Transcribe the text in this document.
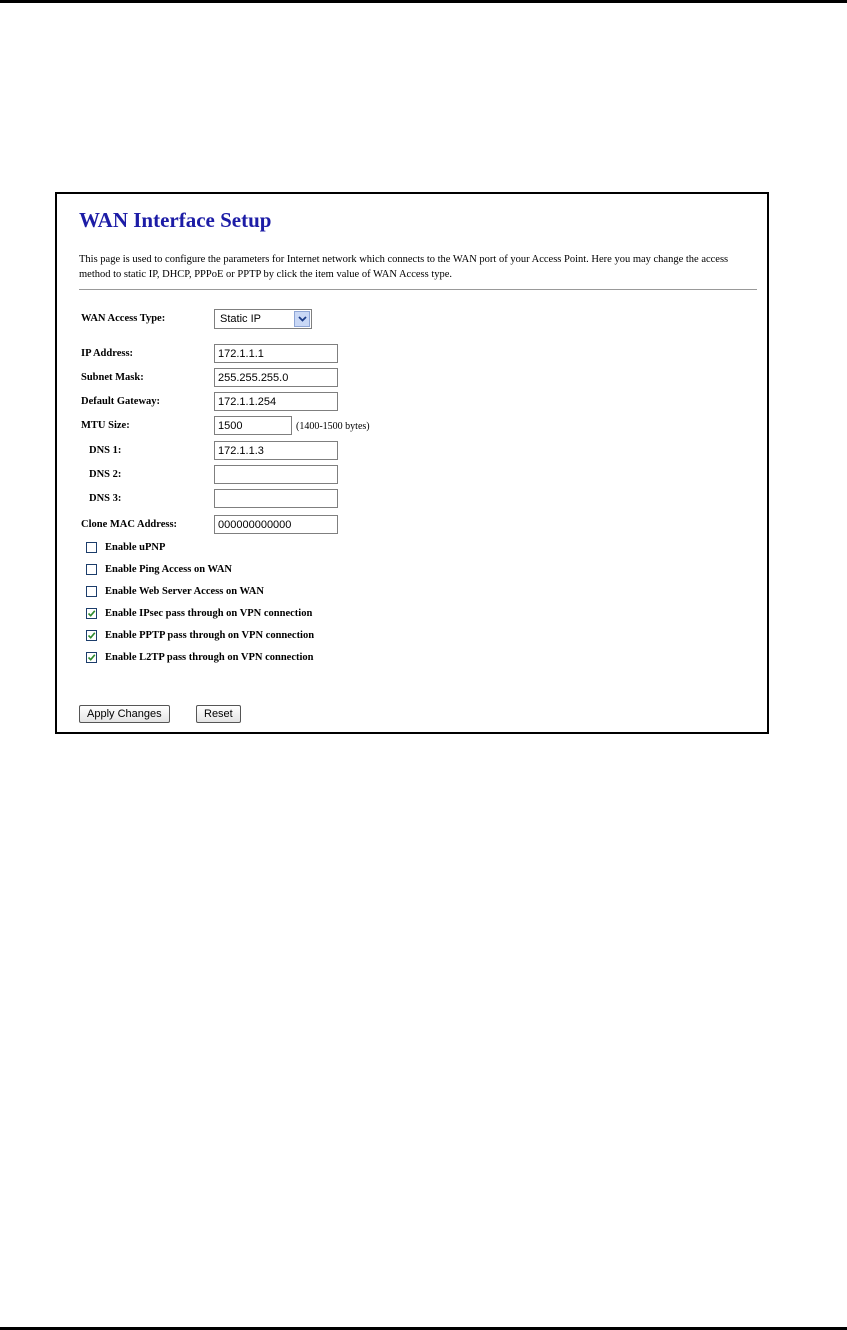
WAN Interface Setup

This page is used to configure the parameters for Internet network which connects to the WAN port of your Access Point. Here you may change the access method to static IP, DHCP, PPPoE or PPTP by click the item value of WAN Access type.

WAN Access Type:	Static IP
IP Address:
172.1.1.1
Subnet Mask:
255.255.255.0
Default Gateway:
172.1.1.254
MTU Size:
1500	(1400-1500 bytes)
DNS 1:
172.1.1.3
DNS 2:
DNS 3:
Clone MAC Address:
000000000000
Enable uPNP
Enable Ping Access on WAN
Enable Web Server Access on WAN
Enable IPsec pass through on VPN connection
Enable PPTP pass through on VPN connection
Enable L2TP pass through on VPN connection
Apply Changes	Reset
